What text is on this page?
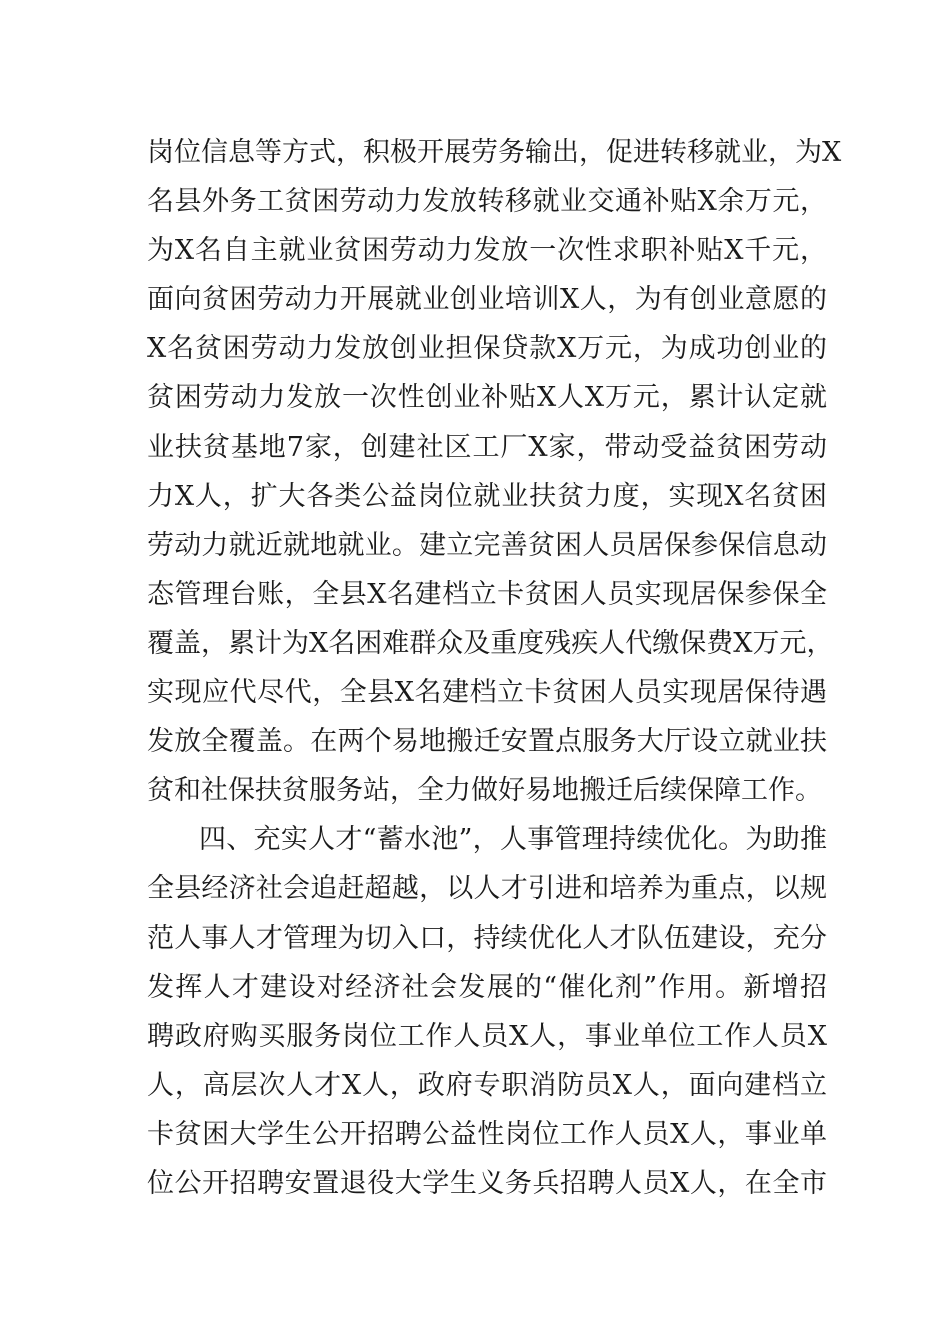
岗位信息等方式，积极开展劳务输出，促进转移就业，为X
名县外务工贫困劳动力发放转移就业交通补贴X余万元，
为X名自主就业贫困劳动力发放一次性求职补贴X千元，
面向贫困劳动力开展就业创业培训X人，为有创业意愿的
X名贫困劳动力发放创业担保贷款X万元，为成功创业的
贫困劳动力发放一次性创业补贴X人X万元，累计认定就
业扶贫基地7家，创建社区工厂X家，带动受益贫困劳动
力X人，扩大各类公益岗位就业扶贫力度，实现X名贫困
劳动力就近就地就业。建立完善贫困人员居保参保信息动
态管理台账，全县X名建档立卡贫困人员实现居保参保全
覆盖，累计为X名困难群众及重度残疾人代缴保费X万元，
实现应代尽代，全县X名建档立卡贫困人员实现居保待遇
发放全覆盖。在两个易地搬迁安置点服务大厅设立就业扶
贫和社保扶贫服务站，全力做好易地搬迁后续保障工作。
四、充实人才“蓄水池”，人事管理持续优化。为助推
全县经济社会追赶超越，以人才引进和培养为重点，以规
范人事人才管理为切入口，持续优化人才队伍建设，充分
发挥人才建设对经济社会发展的“催化剂”作用。新增招
聘政府购买服务岗位工作人员X人，事业单位工作人员X
人，高层次人才X人，政府专职消防员X人，面向建档立
卡贫困大学生公开招聘公益性岗位工作人员X人，事业单
位公开招聘安置退役大学生义务兵招聘人员X人，在全市
